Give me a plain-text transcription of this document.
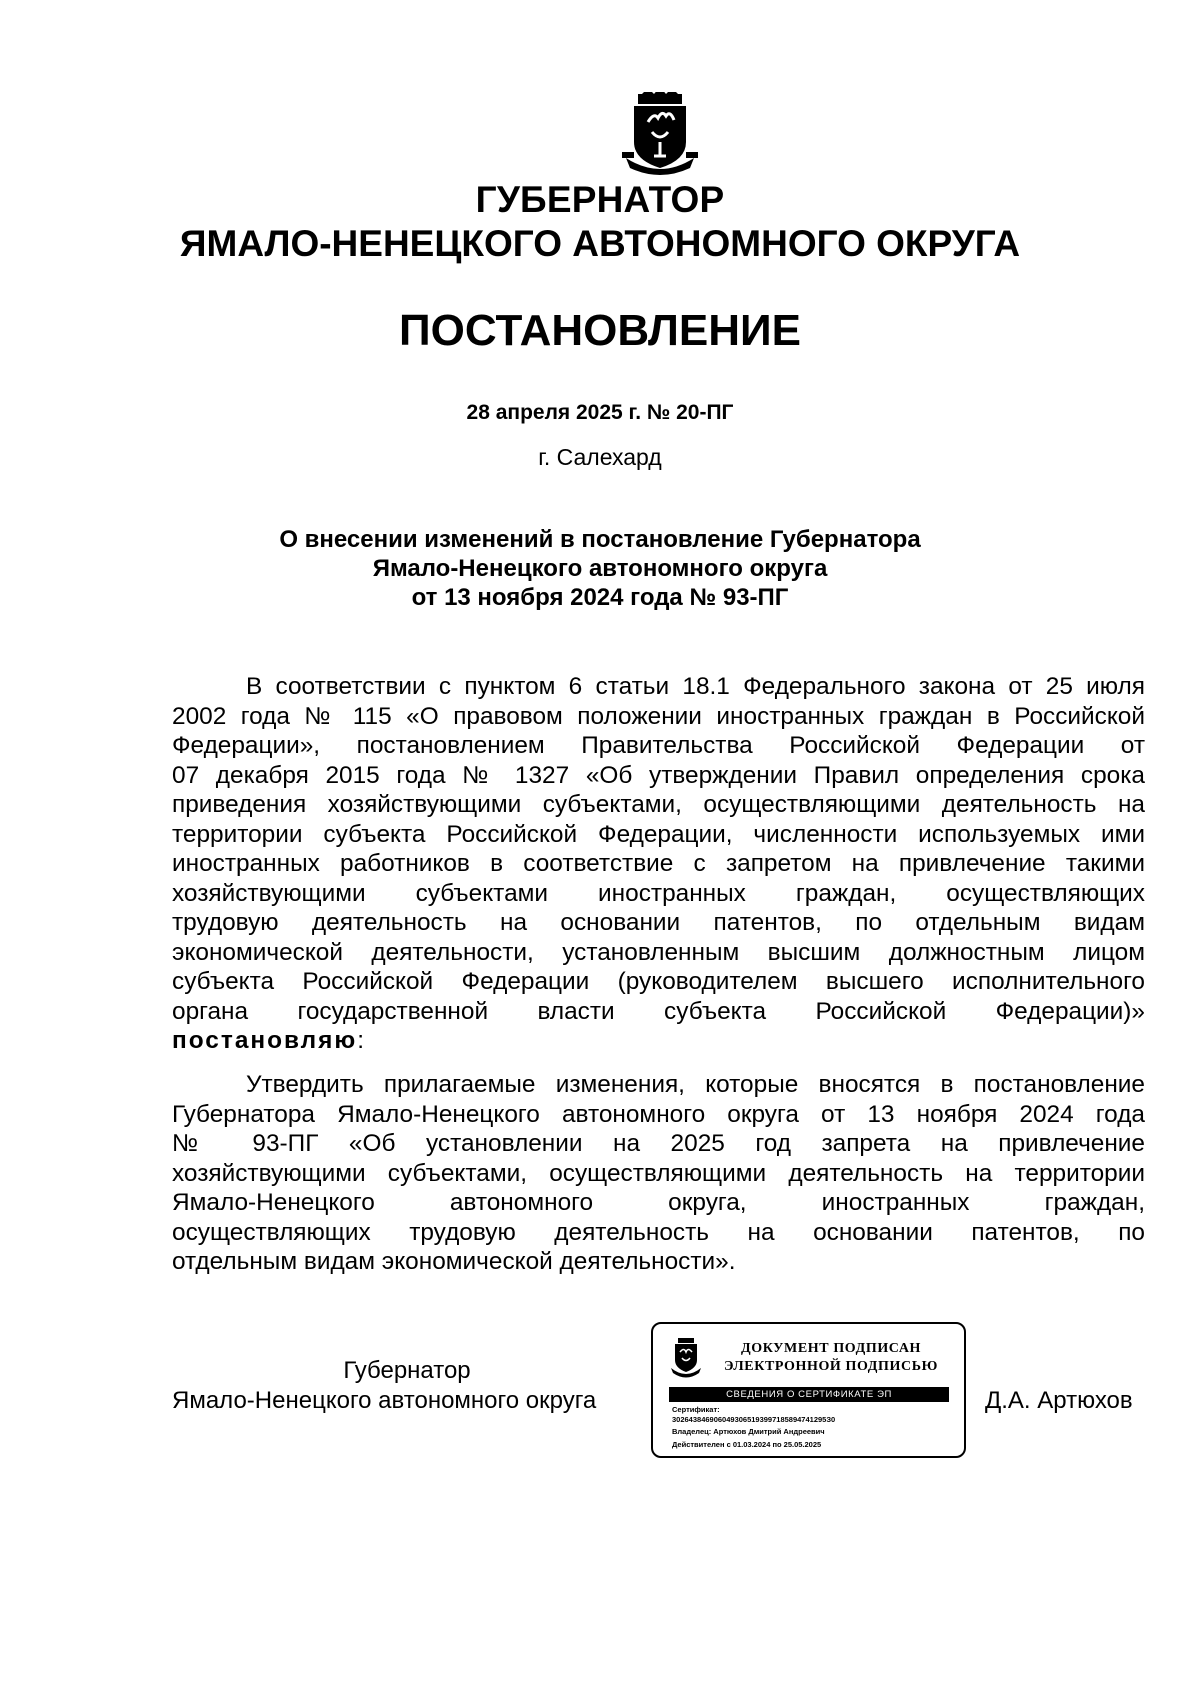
ГУБЕРНАТОР
ЯМАЛО-НЕНЕЦКОГО АВТОНОМНОГО ОКРУГА
ПОСТАНОВЛЕНИЕ
28 апреля 2025 г. № 20-ПГ
г. Салехард
О внесении изменений в постановление Губернатора
Ямало-Ненецкого автономного округа
от 13 ноября 2024 года № 93-ПГ
В соответствии с пунктом 6 статьи 18.1 Федерального закона от 25 июля
2002 года № 115 «О правовом положении иностранных граждан в Российской
Федерации», постановлением Правительства Российской Федерации от
07 декабря 2015 года № 1327 «Об утверждении Правил определения срока
приведения хозяйствующими субъектами, осуществляющими деятельность на
территории субъекта Российской Федерации, численности используемых ими
иностранных работников в соответствие с запретом на привлечение такими
хозяйствующими субъектами иностранных граждан, осуществляющих
трудовую деятельность на основании патентов, по отдельным видам
экономической деятельности, установленным высшим должностным лицом
субъекта Российской Федерации (руководителем высшего исполнительного
органа государственной власти субъекта Российской Федерации)»
постановляю:
Утвердить прилагаемые изменения, которые вносятся в постановление
Губернатора Ямало-Ненецкого автономного округа от 13 ноября 2024 года
№ 93-ПГ «Об установлении на 2025 год запрета на привлечение
хозяйствующими субъектами, осуществляющими деятельность на территории
Ямало-Ненецкого автономного округа, иностранных граждан,
осуществляющих трудовую деятельность на основании патентов, по
отдельным видам экономической деятельности».
Губернатор
Ямало-Ненецкого автономного округа	Д.А. Артюхов
ДОКУМЕНТ ПОДПИСАН
ЭЛЕКТРОННОЙ ПОДПИСЬЮ
СВЕДЕНИЯ О СЕРТИФИКАТЕ ЭП
Сертификат:
3026438469060493065193997185894741295З0
Владелец: Артюхов Дмитрий Андреевич
Действителен с 01.03.2024 по 25.05.2025
